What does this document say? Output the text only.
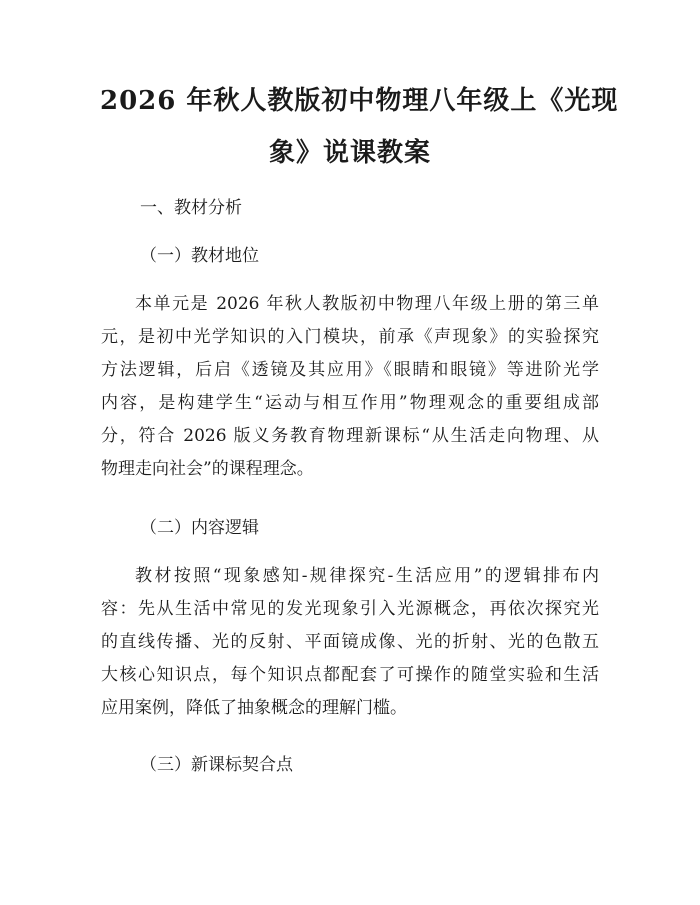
2026 年秋人教版初中物理八年级上《光现
象》说课教案
一、教材分析
（一）教材地位
本单元是 2026 年秋人教版初中物理八年级上册的第三单
元，是初中光学知识的入门模块，前承《声现象》的实验探究
方法逻辑，后启《透镜及其应用》《眼睛和眼镜》等进阶光学
内容，是构建学生“运动与相互作用”物理观念的重要组成部
分，符合 2026 版义务教育物理新课标“从生活走向物理、从
物理走向社会”的课程理念。
（二）内容逻辑
教材按照“现象感知-规律探究-生活应用”的逻辑排布内
容：先从生活中常见的发光现象引入光源概念，再依次探究光
的直线传播、光的反射、平面镜成像、光的折射、光的色散五
大核心知识点，每个知识点都配套了可操作的随堂实验和生活
应用案例，降低了抽象概念的理解门槛。
（三）新课标契合点
